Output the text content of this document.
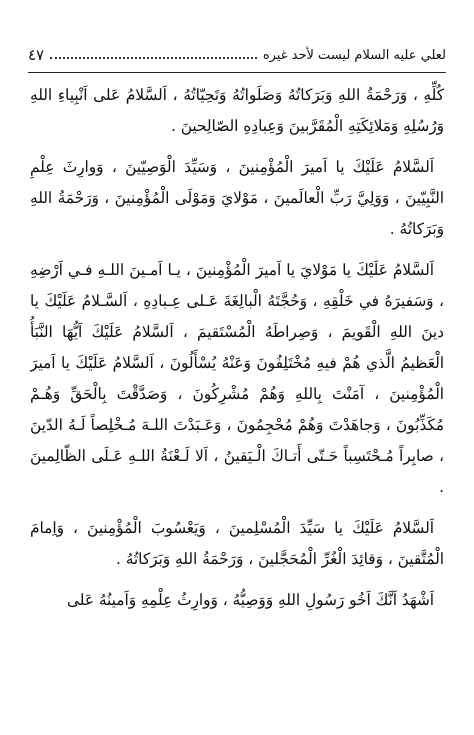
لعلي عليه السلام ليست لأحد غيره
٤٧

كُلِّهِ ، وَرَحْمَةُ اللهِ وَبَرَكاتُهُ وَصَلَواتُهُ وَتَحِيّاتُهُ ، اَلسَّلامُ عَلى اَنْبِياءِ اللهِ وَرُسُلِهِ وَمَلائِكَتِهِ الْمُقَرَّبينَ وَعِبادِهِ الصّالِحينَ .

اَلسَّلامُ عَلَيْكَ يا اَميرَ الْمُؤْمِنينَ ، وَسَيِّدَ الْوَصِيّينَ ، وَوارِثَ عِلْمِ النَّبِيّينَ ، وَوَلِيَّ رَبِّ الْعالَمينَ ، مَوْلايَ وَمَوْلَى الْمُؤْمِنينَ ، وَرَحْمَةُ اللهِ وَبَرَكاتُهُ .

اَلسَّلامُ عَلَيْكَ يا مَوْلايَ يا اَميرَ الْمُؤْمِنينَ ، يـا اَمـينَ اللـهِ فـي اَرْضِهِ ، وَسَفيرَهُ في خَلْقِهِ ، وَحُجَّتَهُ الْبالِغَةَ عَـلى عِـبادِهِ ، اَلسَّـلامُ عَلَيْكَ يا دينَ اللهِ الْقَويمَ ، وَصِراطَهُ الْمُسْتَقيمَ ، اَلسَّلامُ عَلَيْكَ اَيُّهَا النَّبَأُ الْعَظيمُ الَّذي هُمْ فيهِ مُخْتَلِفُونَ وَعَنْهُ يُسْأَلُونَ ، اَلسَّلامُ عَلَيْكَ يا اَميرَ الْمُؤْمِنينَ ، آمَنْتَ بِاللهِ وَهُمْ مُشْرِكُونَ ، وَصَدَّقْتَ بِالْحَقِّ وَهُـمْ مُكَذِّبُونَ ، وَجاهَدْتَ وَهُمْ مُحْجِمُونَ ، وَعَـبَدْتَ اللـهَ مُـخْلِصاً لَـهُ الدّينَ ، صابِراً مُـحْتَسِباً حَـتّى أَتـاكَ الْـيَقينُ ، اَلا لَـعْنَةُ اللـهِ عَـلَى الظّالِمينَ .

اَلسَّلامُ عَلَيْكَ يا سَيِّدَ الْمُسْلِمينَ ، وَيَعْسُوبَ الْمُؤْمِنينَ ، وَاِمامَ الْمُتَّقينَ ، وَقائِدَ الْغُرِّ الْمُحَجَّلينَ ، وَرَحْمَةُ اللهِ وَبَرَكاتُهُ .

اَشْهَدُ اَنَّكَ اَخُو رَسُولِ اللهِ وَوَصِيُّهُ ، وَوارِثُ عِلْمِهِ وَاَمينُهُ عَلى
